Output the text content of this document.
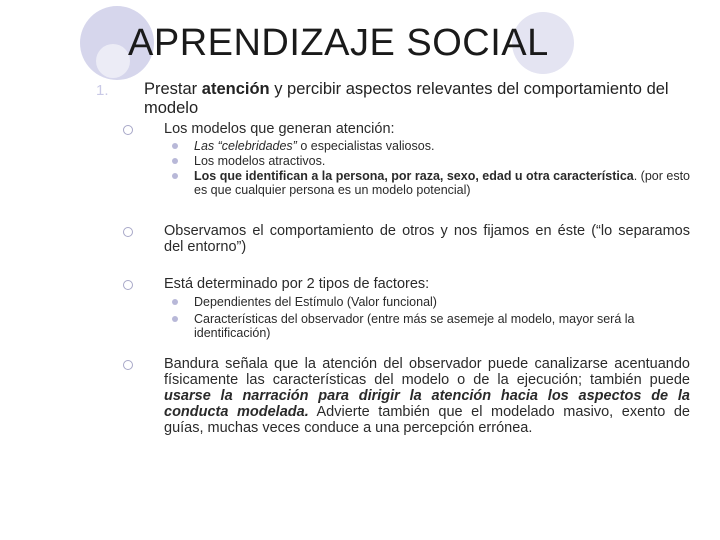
APRENDIZAJE SOCIAL
1. Prestar atención y percibir aspectos relevantes del comportamiento del modelo
Los modelos que generan atención:
Las “celebridades” o especialistas valiosos.
Los modelos atractivos.
Los que identifican a la persona, por raza, sexo, edad u otra característica. (por esto es que cualquier persona es un modelo potencial)
Observamos el comportamiento de otros y nos fijamos en éste (“lo separamos del entorno”)
Está determinado por 2 tipos de factores:
Dependientes del Estímulo (Valor funcional)
Características del observador (entre más se asemeje al modelo, mayor será la identificación)
Bandura señala que la atención del observador puede canalizarse acentuando físicamente las características del modelo o de la ejecución; también puede usarse la narración para dirigir la atención hacia los aspectos de la conducta modelada. Advierte también que el modelado masivo, exento de guías, muchas veces conduce a una percepción errónea.
